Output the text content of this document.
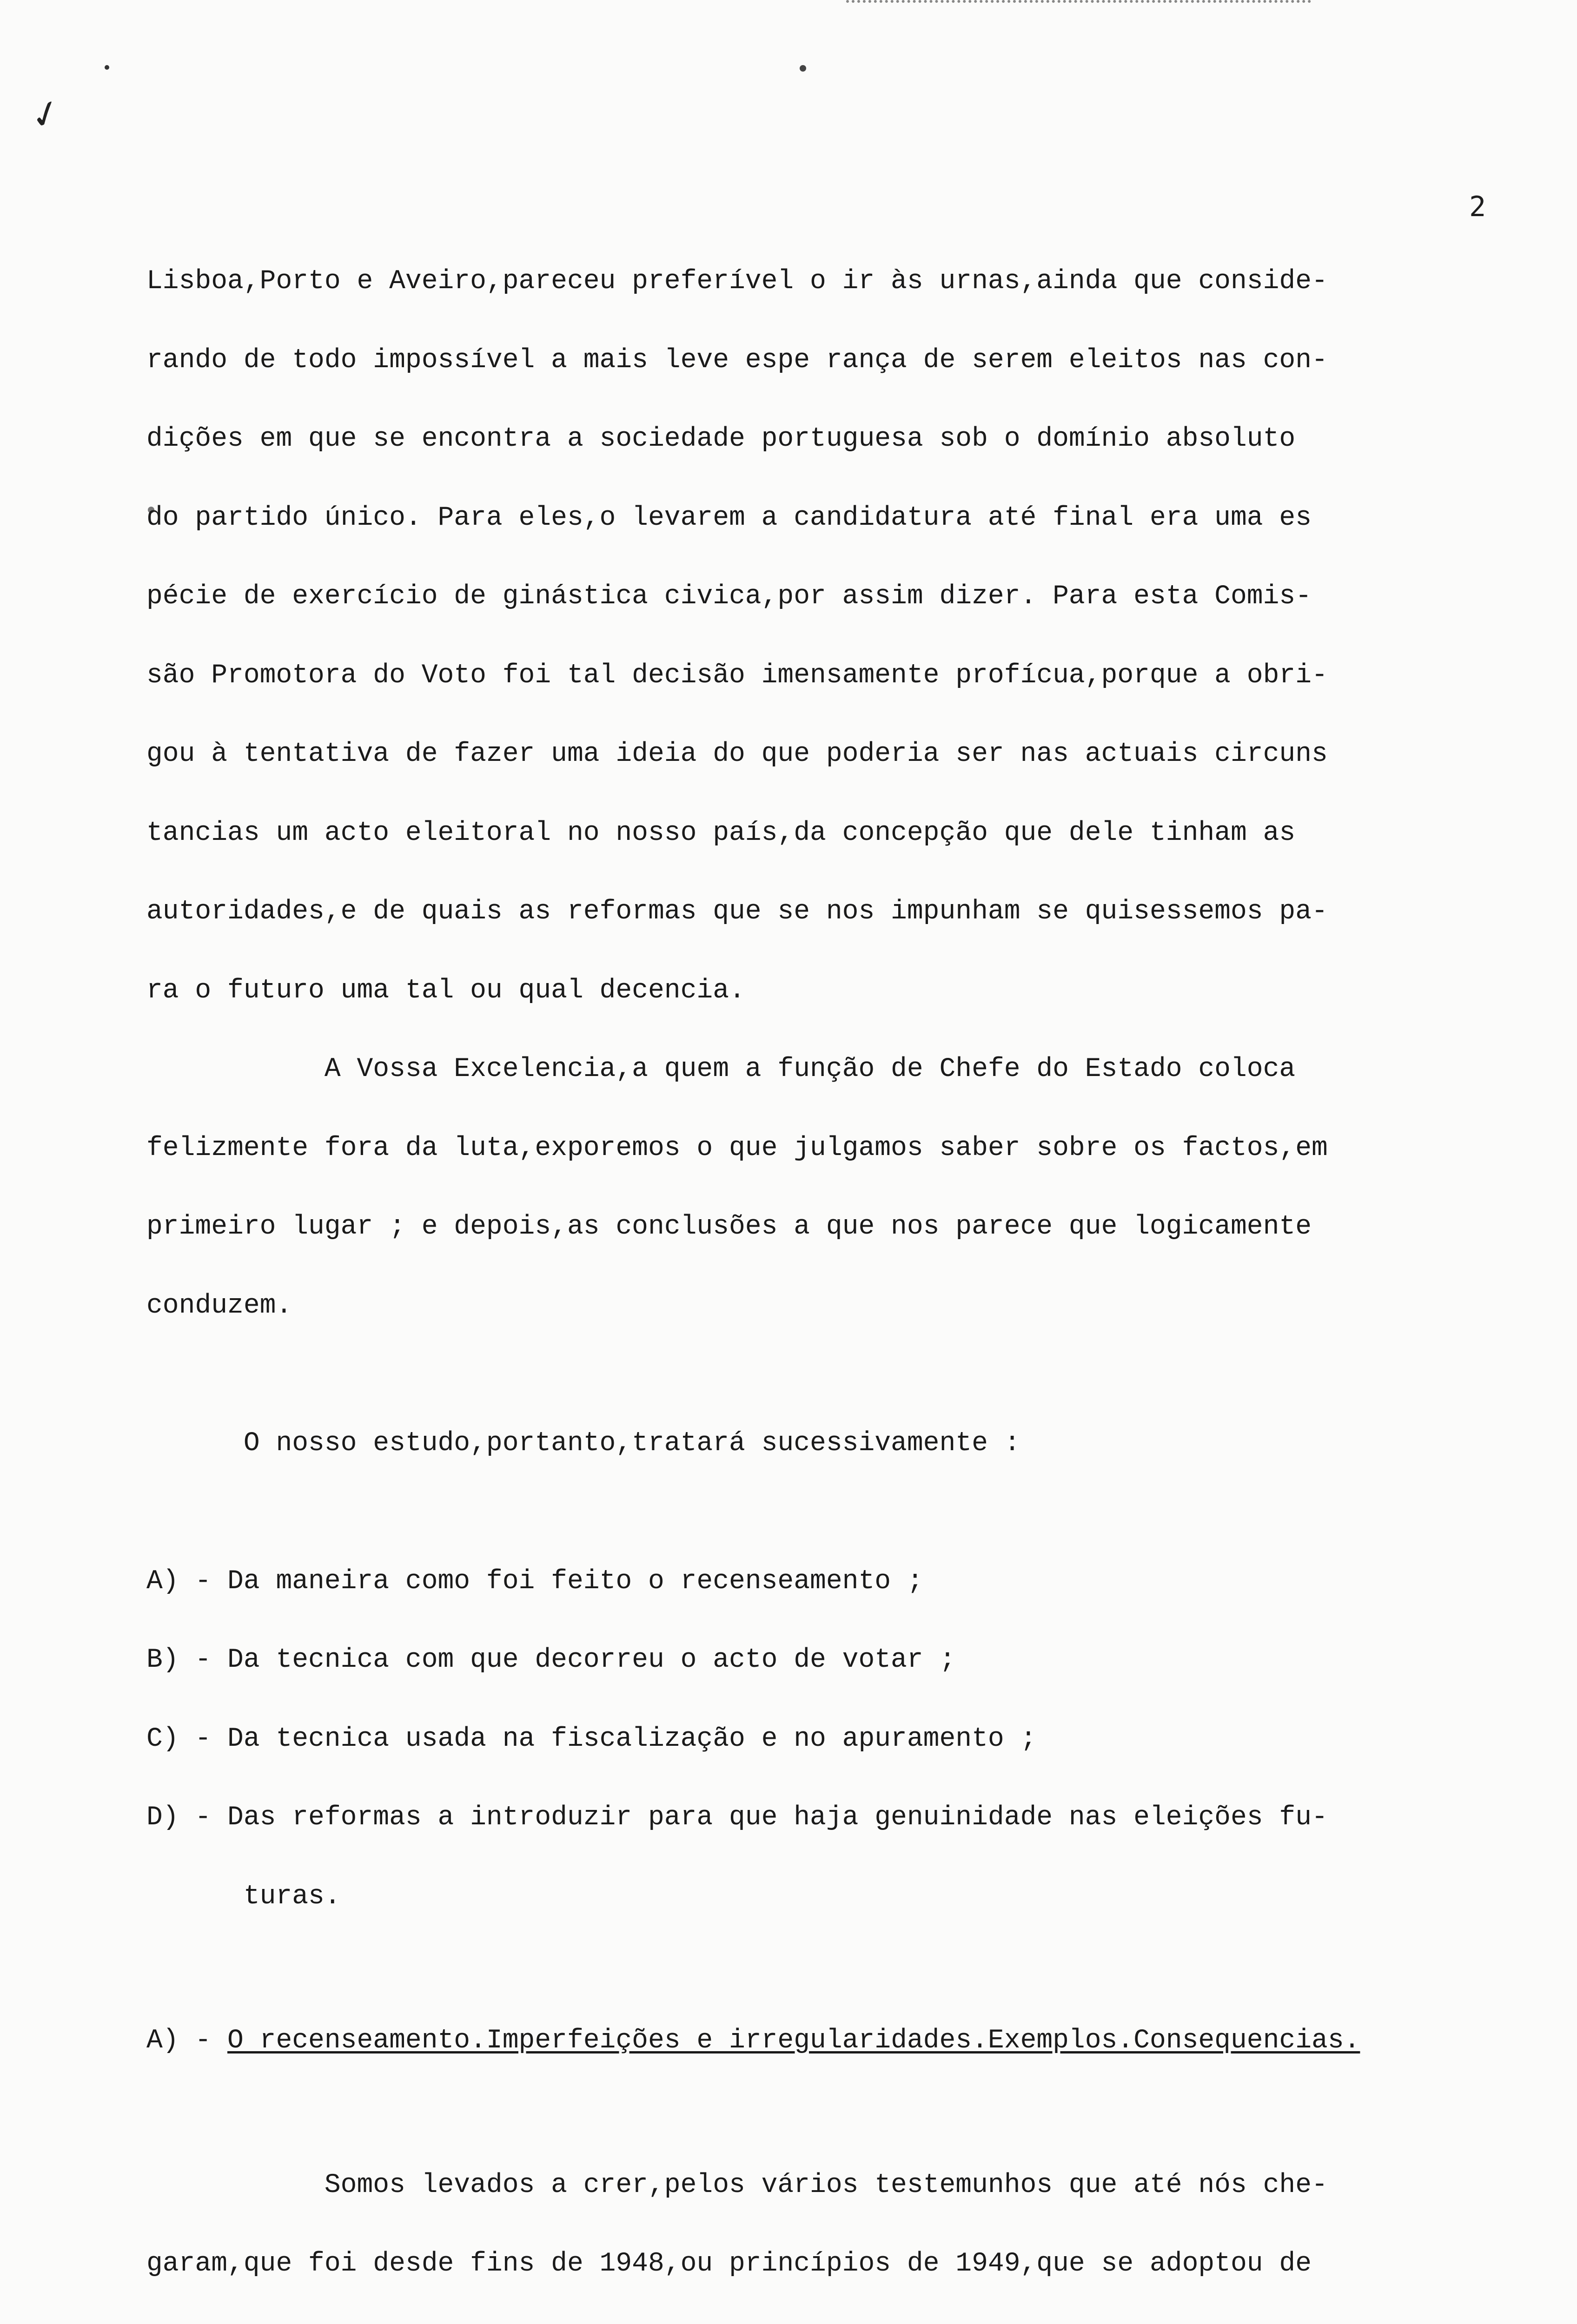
✓
2

Lisboa,Porto e Aveiro,pareceu preferível o ir às urnas,ainda que conside-

rando de todo impossível a mais leve espe rança de serem eleitos nas con-

dições em que se encontra a sociedade portuguesa sob o domínio absoluto

do partido único. Para eles,o levarem a candidatura até final era uma es

pécie de exercício de ginástica civica,por assim dizer. Para esta Comis-

são Promotora do Voto foi tal decisão imensamente profícua,porque a obri-

gou à tentativa de fazer uma ideia do que poderia ser nas actuais circuns

tancias um acto eleitoral no nosso país,da concepção que dele tinham as

autoridades,e de quais as reformas que se nos impunham se quisessemos pa-

ra o futuro uma tal ou qual decencia.

A Vossa Excelencia,a quem a função de Chefe do Estado coloca

felizmente fora da luta,exporemos o que julgamos saber sobre os factos,em

primeiro lugar ; e depois,as conclusões a que nos parece que logicamente

conduzem.

O nosso estudo,portanto,tratará sucessivamente :

A) - Da maneira como foi feito o recenseamento ;

B) - Da tecnica com que decorreu o acto de votar ;

C) - Da tecnica usada na fiscalização e no apuramento ;

D) - Das reformas a introduzir para que haja genuinidade nas eleições fu-

turas.

A) - O recenseamento.Imperfeições e irregularidades.Exemplos.Consequencias.

Somos levados a crer,pelos vários testemunhos que até nós che-

garam,que foi desde fins de 1948,ou princípios de 1949,que se adoptou de
